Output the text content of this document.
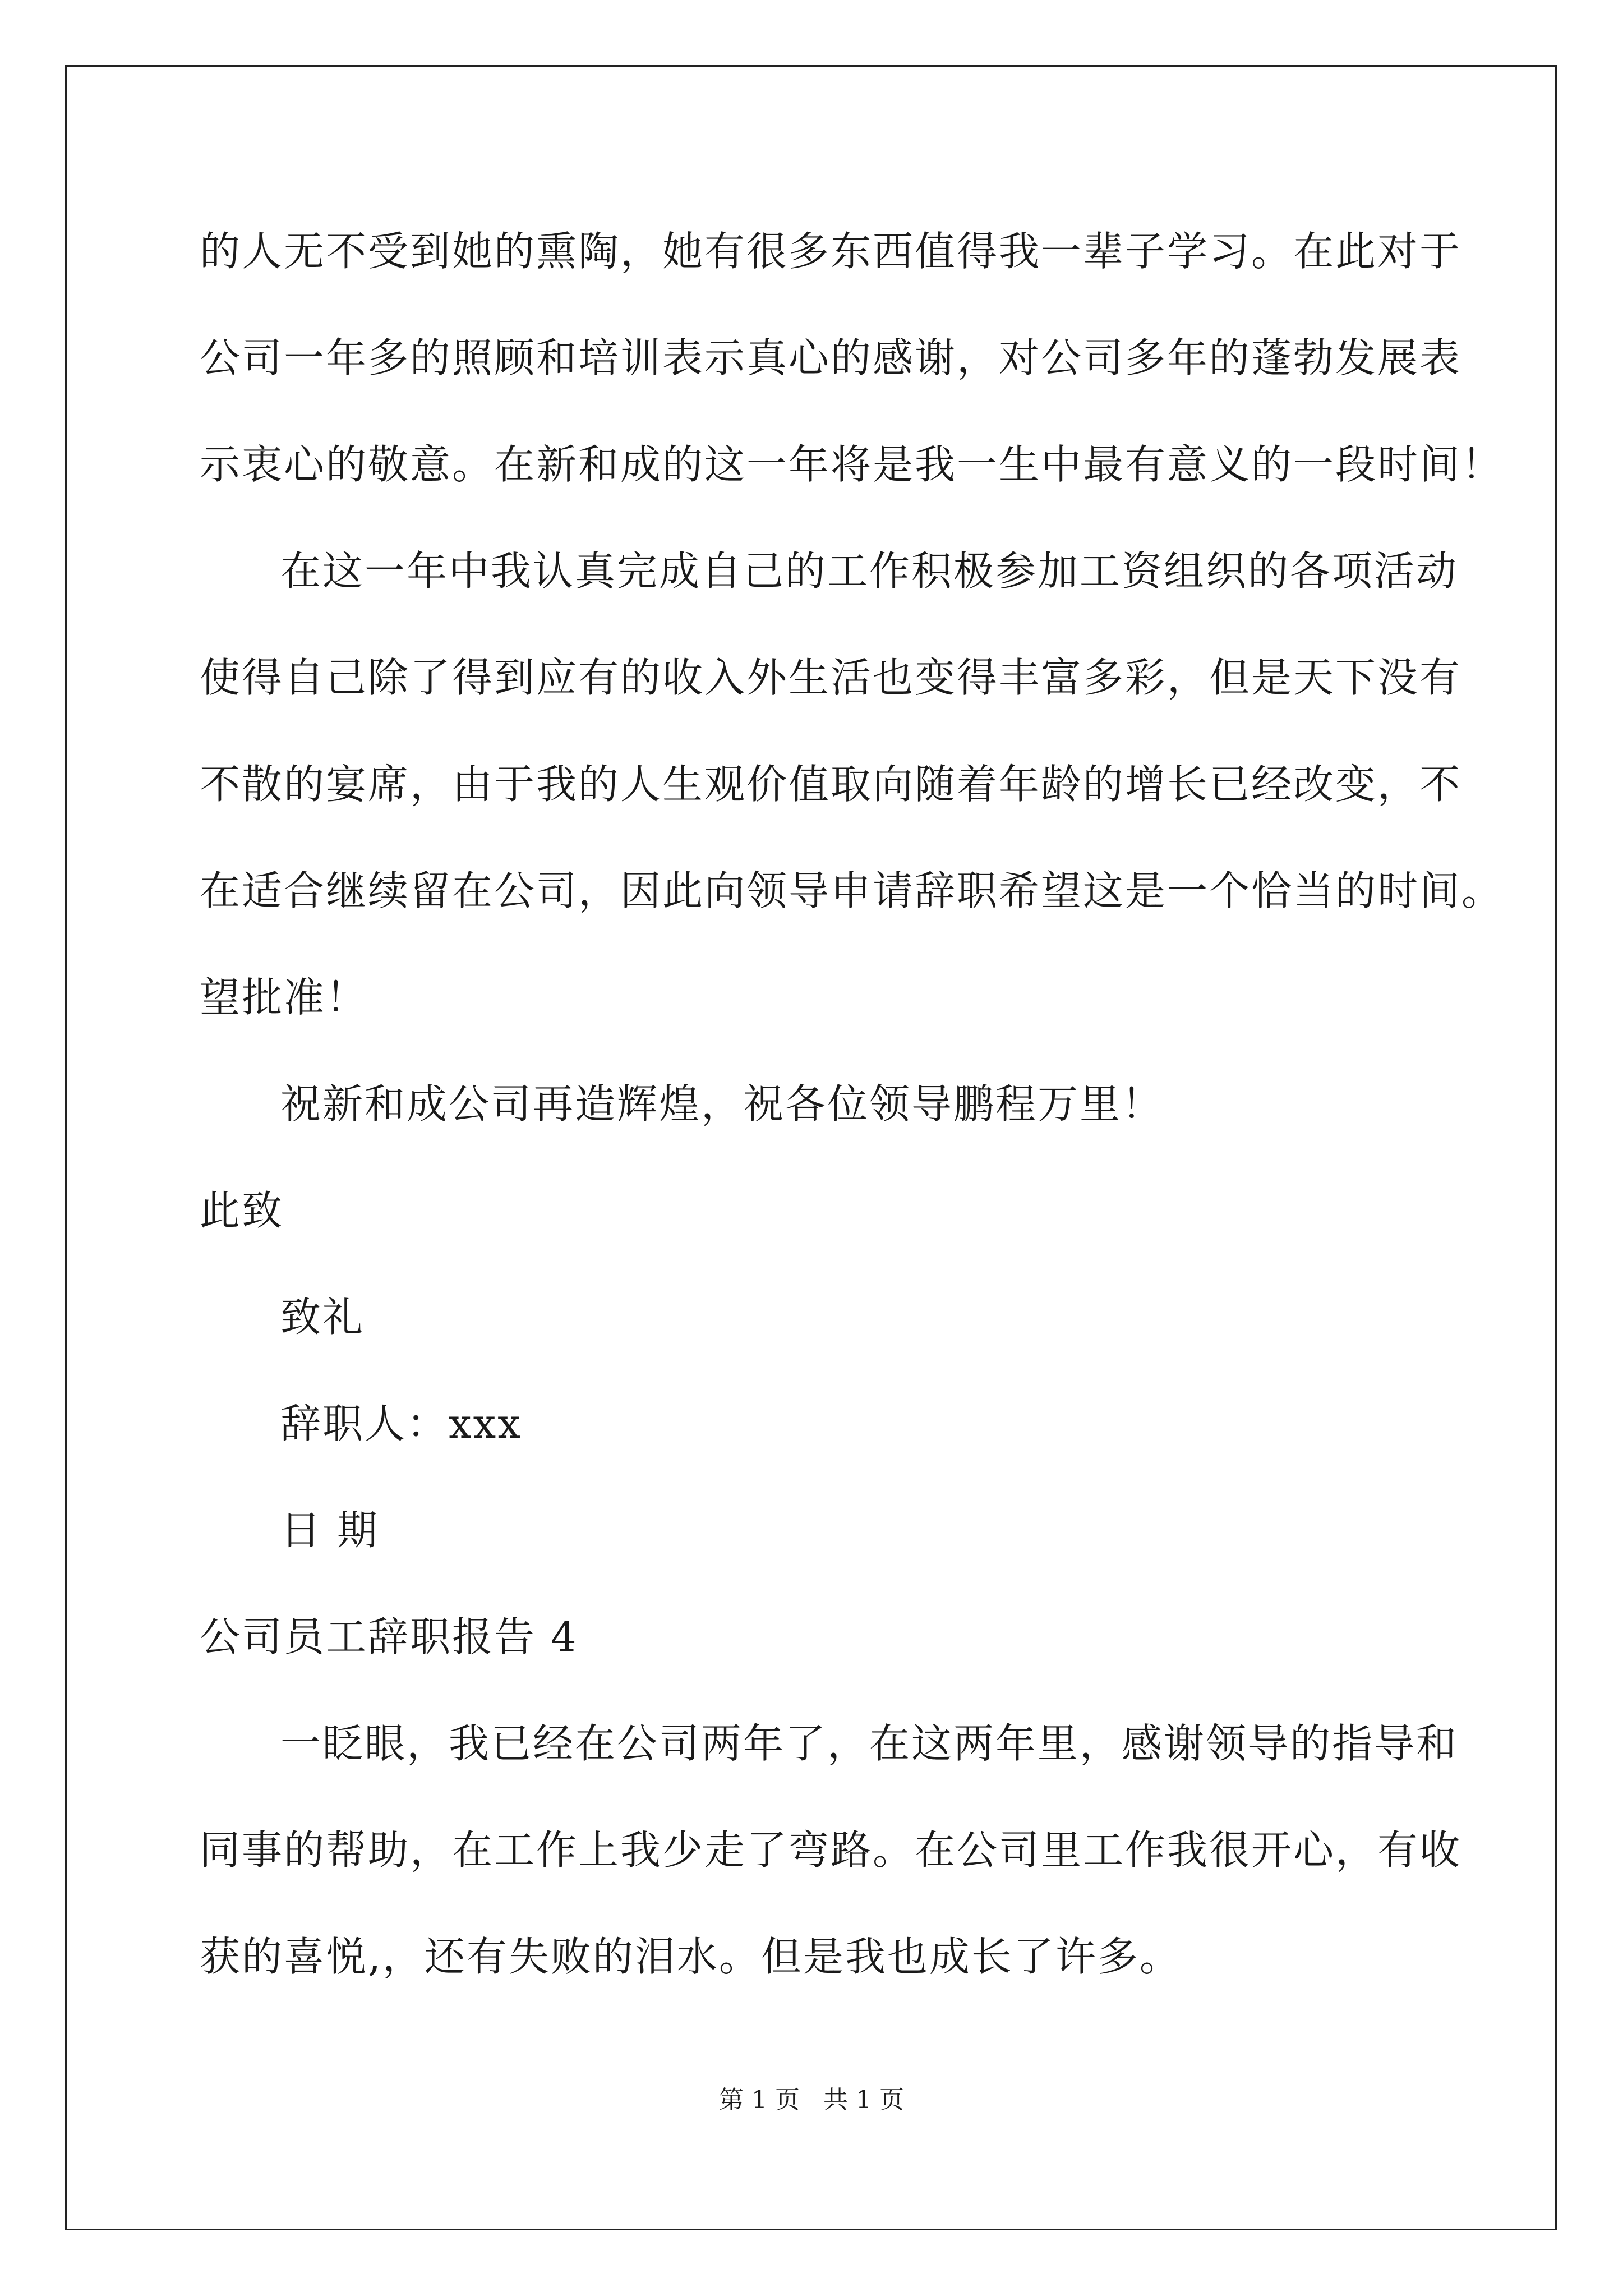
的人无不受到她的熏陶，她有很多东西值得我一辈子学习。在此对于
公司一年多的照顾和培训表示真心的感谢，对公司多年的蓬勃发展表
示衷心的敬意。在新和成的这一年将是我一生中最有意义的一段时间！
在这一年中我认真完成自己的工作积极参加工资组织的各项活动
使得自己除了得到应有的收入外生活也变得丰富多彩，但是天下没有
不散的宴席，由于我的人生观价值取向随着年龄的增长已经改变，不
在适合继续留在公司，因此向领导申请辞职希望这是一个恰当的时间。
望批准！
祝新和成公司再造辉煌，祝各位领导鹏程万里！
此致
致礼
辞职人：xxx
日 期
公司员工辞职报告 4
一眨眼，我已经在公司两年了，在这两年里，感谢领导的指导和
同事的帮助，在工作上我少走了弯路。在公司里工作我很开心，有收
获的喜悦,，还有失败的泪水。但是我也成长了许多。
第 1 页   共 1 页
